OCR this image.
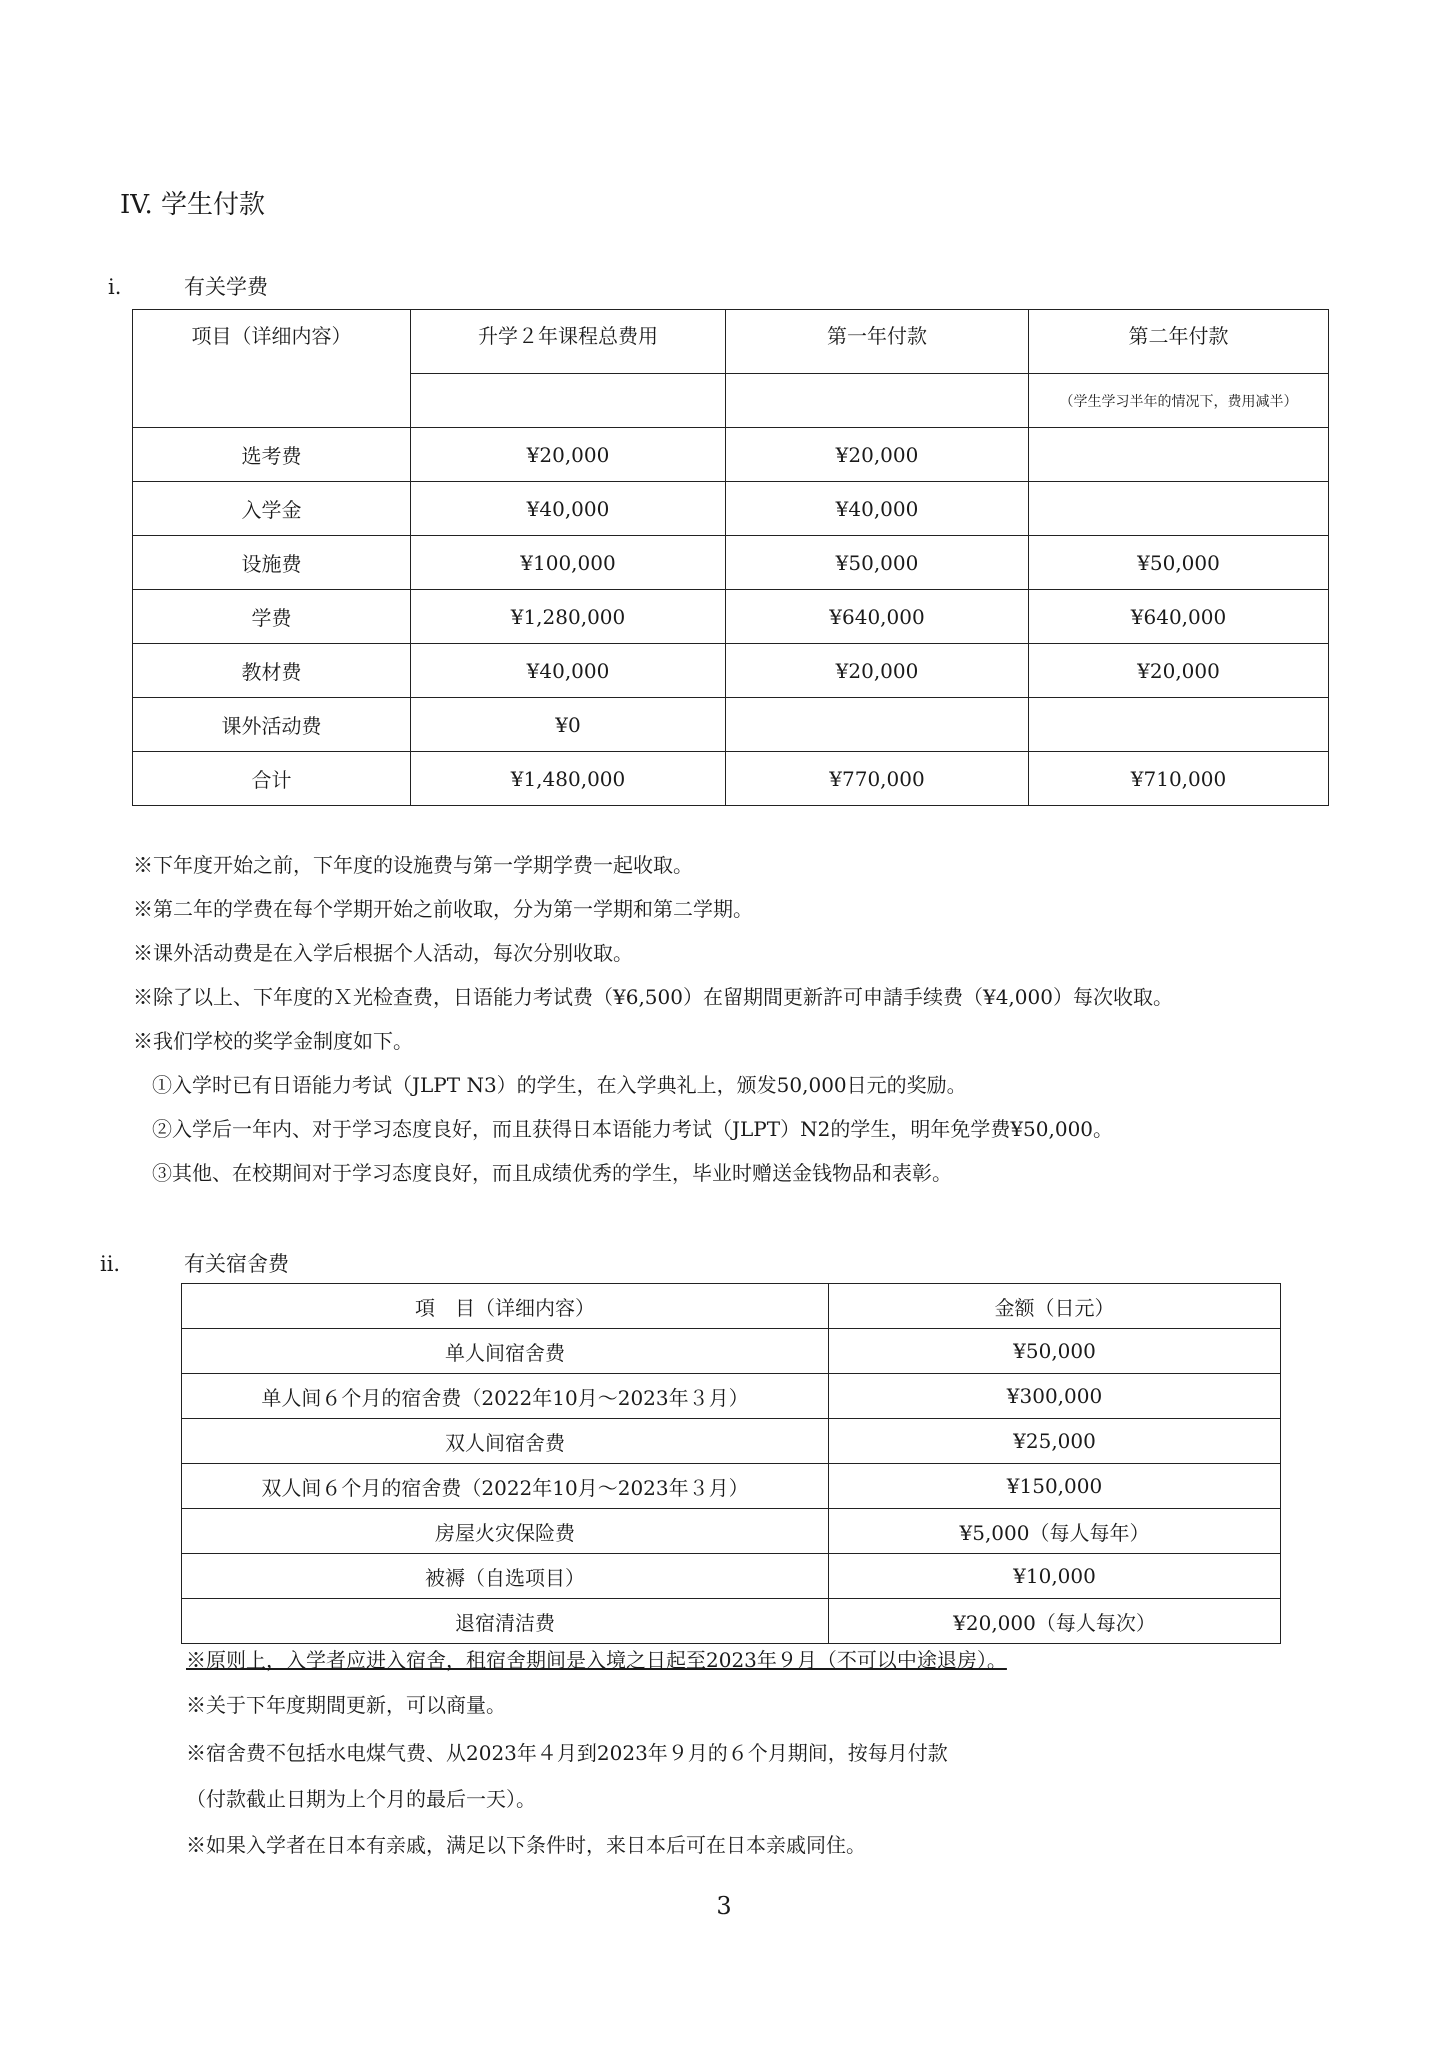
IV. 学生付款
i.	有关学费
项目（详细内容）	升学２年课程总费用	第一年付款	第二年付款
			（学生学习半年的情况下，费用减半）
选考费	¥20,000	¥20,000	
入学金	¥40,000	¥40,000	
设施费	¥100,000	¥50,000	¥50,000
学费	¥1,280,000	¥640,000	¥640,000
教材费	¥40,000	¥20,000	¥20,000
课外活动费	¥0		
合计	¥1,480,000	¥770,000	¥710,000
※下年度开始之前，下年度的设施费与第一学期学费一起收取。
※第二年的学费在每个学期开始之前收取，分为第一学期和第二学期。
※课外活动费是在入学后根据个人活动，每次分别收取。
※除了以上、下年度的Ｘ光检查费，日语能力考试费（¥6,500）在留期間更新許可申請手续费（¥4,000）每次收取。
※我们学校的奖学金制度如下。
①入学时已有日语能力考试（JLPT N3）的学生，在入学典礼上，颁发50,000日元的奖励。
②入学后一年内、对于学习态度良好，而且获得日本语能力考试（JLPT）N2的学生，明年免学费¥50,000。
③其他、在校期间对于学习态度良好，而且成绩优秀的学生，毕业时赠送金钱物品和表彰。
ii.	有关宿舍费
項　目（详细内容）	金额（日元）
单人间宿舍费	¥50,000
单人间６个月的宿舍费（2022年10月～2023年３月）	¥300,000
双人间宿舍费	¥25,000
双人间６个月的宿舍费（2022年10月～2023年３月）	¥150,000
房屋火灾保险费	¥5,000（每人每年）
被褥（自选项目）	¥10,000
退宿清洁费	¥20,000（每人每次）
※原则上，入学者应进入宿舍，租宿舍期间是入境之日起至2023年９月（不可以中途退房）。
※关于下年度期間更新，可以商量。
※宿舍费不包括水电煤气费、从2023年４月到2023年９月的６个月期间，按每月付款
（付款截止日期为上个月的最后一天）。
※如果入学者在日本有亲戚，满足以下条件时，来日本后可在日本亲戚同住。
3
